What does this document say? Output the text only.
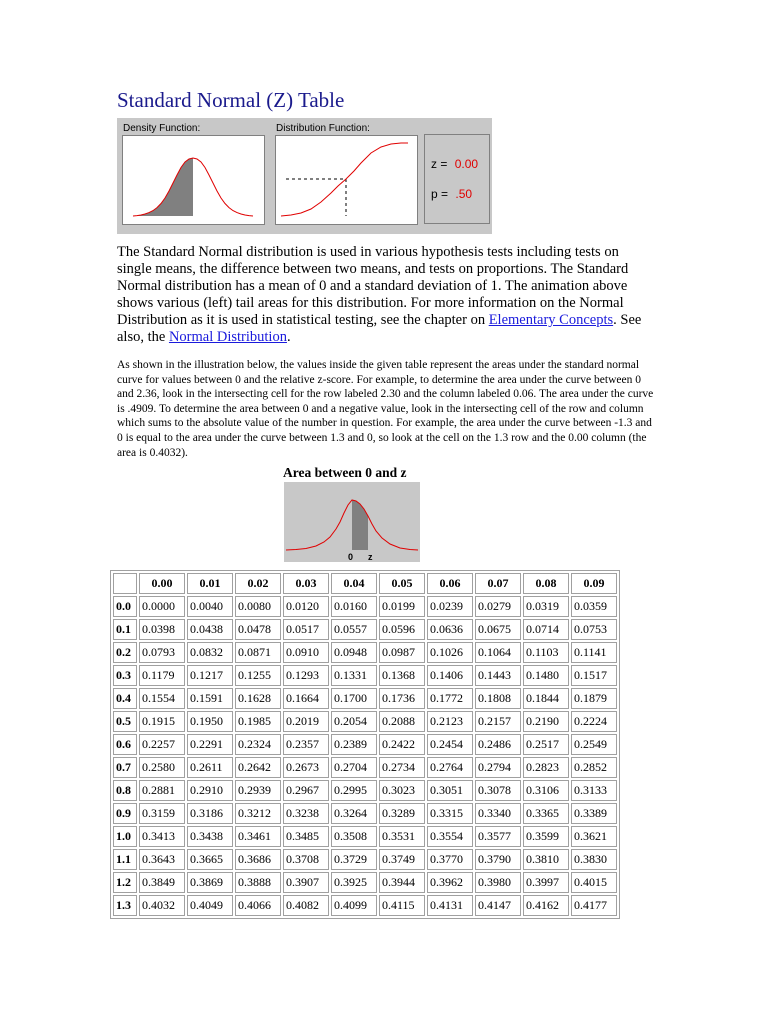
Standard Normal (Z) Table
Density Function:	Distribution Function:
z = 0.00
p = .50

The Standard Normal distribution is used in various hypothesis tests including tests on single means, the difference between two means, and tests on proportions. The Standard Normal distribution has a mean of 0 and a standard deviation of 1. The animation above shows various (left) tail areas for this distribution. For more information on the Normal Distribution as it is used in statistical testing, see the chapter on Elementary Concepts. See also, the Normal Distribution.

As shown in the illustration below, the values inside the given table represent the areas under the standard normal curve for values between 0 and the relative z-score. For example, to determine the area under the curve between 0 and 2.36, look in the intersecting cell for the row labeled 2.30 and the column labeled 0.06. The area under the curve is .4909. To determine the area between 0 and a negative value, look in the intersecting cell of the row and column which sums to the absolute value of the number in question. For example, the area under the curve between -1.3 and 0 is equal to the area under the curve between 1.3 and 0, so look at the cell on the 1.3 row and the 0.00 column (the area is 0.4032).

Area between 0 and z
0 z
	0.00	0.01	0.02	0.03	0.04	0.05	0.06	0.07	0.08	0.09
0.0	0.0000	0.0040	0.0080	0.0120	0.0160	0.0199	0.0239	0.0279	0.0319	0.0359
0.1	0.0398	0.0438	0.0478	0.0517	0.0557	0.0596	0.0636	0.0675	0.0714	0.0753
0.2	0.0793	0.0832	0.0871	0.0910	0.0948	0.0987	0.1026	0.1064	0.1103	0.1141
0.3	0.1179	0.1217	0.1255	0.1293	0.1331	0.1368	0.1406	0.1443	0.1480	0.1517
0.4	0.1554	0.1591	0.1628	0.1664	0.1700	0.1736	0.1772	0.1808	0.1844	0.1879
0.5	0.1915	0.1950	0.1985	0.2019	0.2054	0.2088	0.2123	0.2157	0.2190	0.2224
0.6	0.2257	0.2291	0.2324	0.2357	0.2389	0.2422	0.2454	0.2486	0.2517	0.2549
0.7	0.2580	0.2611	0.2642	0.2673	0.2704	0.2734	0.2764	0.2794	0.2823	0.2852
0.8	0.2881	0.2910	0.2939	0.2967	0.2995	0.3023	0.3051	0.3078	0.3106	0.3133
0.9	0.3159	0.3186	0.3212	0.3238	0.3264	0.3289	0.3315	0.3340	0.3365	0.3389
1.0	0.3413	0.3438	0.3461	0.3485	0.3508	0.3531	0.3554	0.3577	0.3599	0.3621
1.1	0.3643	0.3665	0.3686	0.3708	0.3729	0.3749	0.3770	0.3790	0.3810	0.3830
1.2	0.3849	0.3869	0.3888	0.3907	0.3925	0.3944	0.3962	0.3980	0.3997	0.4015
1.3	0.4032	0.4049	0.4066	0.4082	0.4099	0.4115	0.4131	0.4147	0.4162	0.4177
